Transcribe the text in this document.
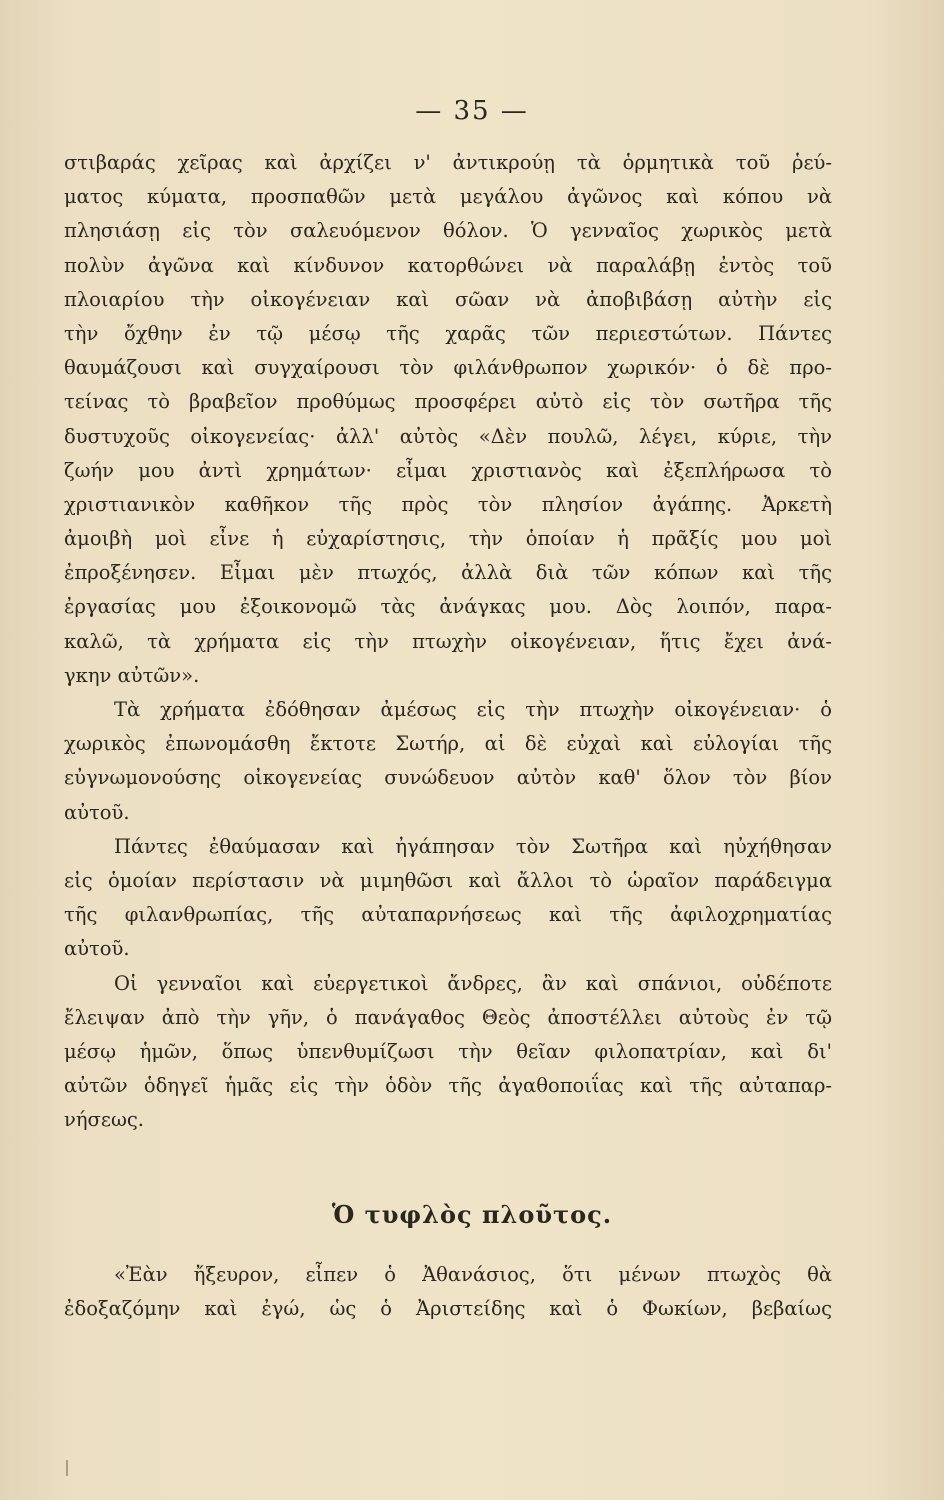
— 35 —
στιβαράς χεῖρας καὶ ἀρχίζει ν' ἀντικρούῃ τὰ ὁρμητικὰ τοῦ ῥεύ-
ματος κύματα, προσπαθῶν μετὰ μεγάλου ἀγῶνος καὶ κόπου νὰ
πλησιάσῃ εἰς τὸν σαλευόμενον θόλον. Ὁ γενναῖος χωρικὸς μετὰ
πολὺν ἀγῶνα καὶ κίνδυνον κατορθώνει νὰ παραλάβῃ ἐντὸς τοῦ
πλοιαρίου τὴν οἰκογένειαν καὶ σῶαν νὰ ἀποβιβάσῃ αὐτὴν εἰς
τὴν ὄχθην ἐν τῷ μέσῳ τῆς χαρᾶς τῶν περιεστώτων. Πάντες
θαυμάζουσι καὶ συγχαίρουσι τὸν φιλάνθρωπον χωρικόν· ὁ δὲ προ-
τείνας τὸ βραβεῖον προθύμως προσφέρει αὐτὸ εἰς τὸν σωτῆρα τῆς
δυστυχοῦς οἰκογενείας· ἀλλ' αὐτὸς «Δὲν πουλῶ, λέγει, κύριε, τὴν
ζωήν μου ἀντὶ χρημάτων· εἶμαι χριστιανὸς καὶ ἐξεπλήρωσα τὸ
χριστιανικὸν καθῆκον τῆς πρὸς τὸν πλησίον ἀγάπης. Ἀρκετὴ
ἀμοιβὴ μοὶ εἶνε ἡ εὐχαρίστησις, τὴν ὁποίαν ἡ πρᾶξίς μου μοὶ
ἐπροξένησεν. Εἶμαι μὲν πτωχός, ἀλλὰ διὰ τῶν κόπων καὶ τῆς
ἐργασίας μου ἐξοικονομῶ τὰς ἀνάγκας μου. Δὸς λοιπόν, παρα-
καλῶ, τὰ χρήματα εἰς τὴν πτωχὴν οἰκογένειαν, ἥτις ἔχει ἀνά-
γκην αὐτῶν».
Τὰ χρήματα ἐδόθησαν ἀμέσως εἰς τὴν πτωχὴν οἰκογένειαν· ὁ
χωρικὸς ἐπωνομάσθη ἔκτοτε Σωτήρ, αἱ δὲ εὐχαὶ καὶ εὐλογίαι τῆς
εὐγνωμονούσης οἰκογενείας συνώδευον αὐτὸν καθ' ὅλον τὸν βίον
αὐτοῦ.
Πάντες ἐθαύμασαν καὶ ἠγάπησαν τὸν Σωτῆρα καὶ ηὐχήθησαν
εἰς ὁμοίαν περίστασιν νὰ μιμηθῶσι καὶ ἄλλοι τὸ ὡραῖον παράδειγμα
τῆς φιλανθρωπίας, τῆς αὐταπαρνήσεως καὶ τῆς ἀφιλοχρηματίας
αὐτοῦ.
Οἱ γενναῖοι καὶ εὐεργετικοὶ ἄνδρες, ἂν καὶ σπάνιοι, οὐδέποτε
ἔλειψαν ἀπὸ τὴν γῆν, ὁ πανάγαθος Θεὸς ἀποστέλλει αὐτοὺς ἐν τῷ
μέσῳ ἡμῶν, ὅπως ὑπενθυμίζωσι τὴν θεῖαν φιλοπατρίαν, καὶ δι'
αὐτῶν ὁδηγεῖ ἡμᾶς εἰς τὴν ὁδὸν τῆς ἀγαθοποιΐας καὶ τῆς αὐταπαρ-
νήσεως.
Ὁ τυφλὸς πλοῦτος.
«Ἐὰν ἤξευρον, εἶπεν ὁ Ἀθανάσιος, ὅτι μένων πτωχὸς θὰ
ἐδοξαζόμην καὶ ἐγώ, ὡς ὁ Ἀριστείδης καὶ ὁ Φωκίων, βεβαίως
